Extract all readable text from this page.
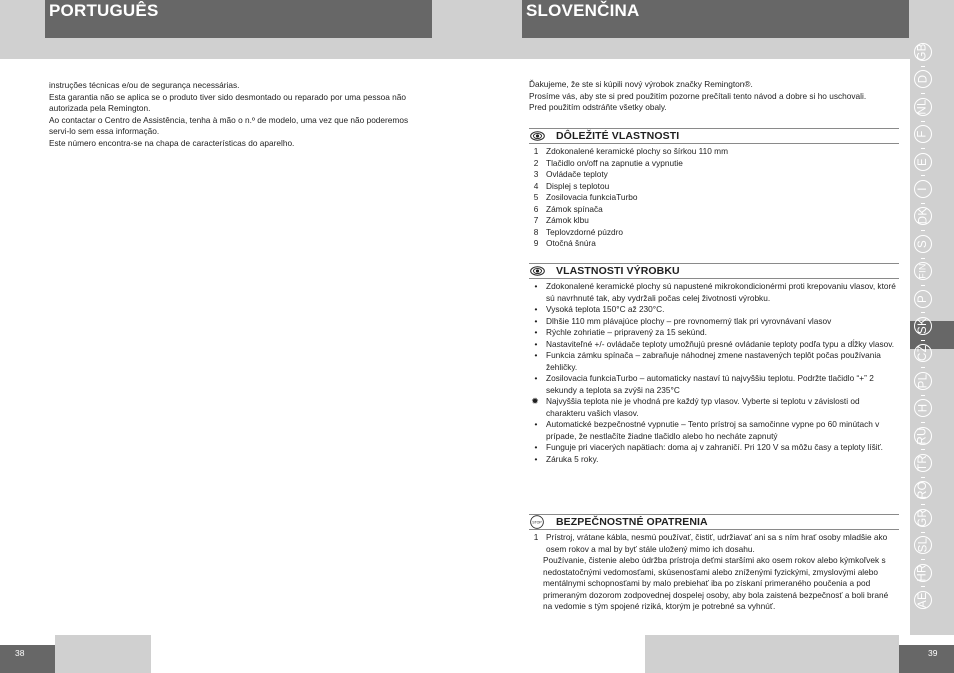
PORTUGUÊS	SLOVENČINA
instruções técnicas e/ou de segurança necessárias.
Esta garantia não se aplica se o produto tiver sido desmontado ou reparado por uma pessoa não autorizada pela Remington.
Ao contactar o Centro de Assistência, tenha à mão o n.º de modelo, uma vez que não poderemos servi-lo sem essa informação.
Este número encontra-se na chapa de características do aparelho.
Ďakujeme, že ste si kúpili nový výrobok značky Remington®.
Prosíme vás, aby ste si pred použitím pozorne prečítali tento návod a dobre si ho uschovali. Pred použitím odstráňte všetky obaly.
DÔLEŽITÉ VLASTNOSTI
1 Zdokonalené keramické plochy so šírkou 110 mm
2 Tlačidlo on/off na zapnutie a vypnutie
3 Ovládače teploty
4 Displej s teplotou
5 Zosilovacia funkciaTurbo
6 Zámok spínača
7 Zámok klbu
8 Teplovzdorné púzdro
9 Otočná šnúra
VLASTNOSTI VÝROBKU
•	Zdokonalené keramické plochy sú napustené mikrokondicionérmi proti krepovaniu vlasov, ktoré sú navrhnuté tak, aby vydržali počas celej životnosti výrobku.
•	Vysoká teplota 150°C až 230°C.
•	Dlhšie 110 mm plávajúce plochy – pre rovnomerný tlak pri vyrovnávaní vlasov
•	Rýchle zohriatie – pripravený za 15 sekúnd.
•	Nastaviteľné +/- ovládače teploty umožňujú presné ovládanie teploty podľa typu a dĺžky vlasov.
•	Funkcia zámku spínača – zabraňuje náhodnej zmene nastavených teplôt počas používania žehličky.
•	Zosilovacia funkciaTurbo – automaticky nastaví tú najvyššiu teplotu. Podržte tlačidlo “+” 2 sekundy a teplota sa zvýši na 235°C
✹ Najvyššia teplota nie je vhodná pre každý typ vlasov. Vyberte si teplotu v závislosti od charakteru vašich vlasov.
•	Automatické bezpečnostné vypnutie – Tento prístroj sa samočinne vypne po 60 minútach v prípade, že nestlačíte žiadne tlačidlo alebo ho necháte zapnutý
•	Funguje pri viacerých napätiach: doma aj v zahraničí. Pri 120 V sa môžu časy a teploty líšiť.
•	Záruka 5 roky.
STOP BEZPEČNOSTNÉ OPATRENIA
1 Prístroj, vrátane kábla, nesmú používať, čistiť, udržiavať ani sa s ním hrať osoby mladšie ako osem rokov a mal by byť stále uložený mimo ich dosahu.
Používanie, čistenie alebo údržba prístroja deťmi staršími ako osem rokov alebo kýmkoľvek s nedostatočnými vedomosťami, skúsenosťami alebo zníženými fyzickými, zmyslovými alebo mentálnymi schopnosťami by malo prebiehať iba po získaní primeraného poučenia a pod primeraným dozorom zodpovednej dospelej osoby, aby bola zaistená bezpečnosť a boli brané na vedomie s tým spojené riziká, ktorým je potrebné sa vyhnúť.
GB
D
NL
F
E
I
DK
S
FIN
P
SK
CZ
PL
H
RU
TR
RO
GR
SL
HR
AE
38	39
